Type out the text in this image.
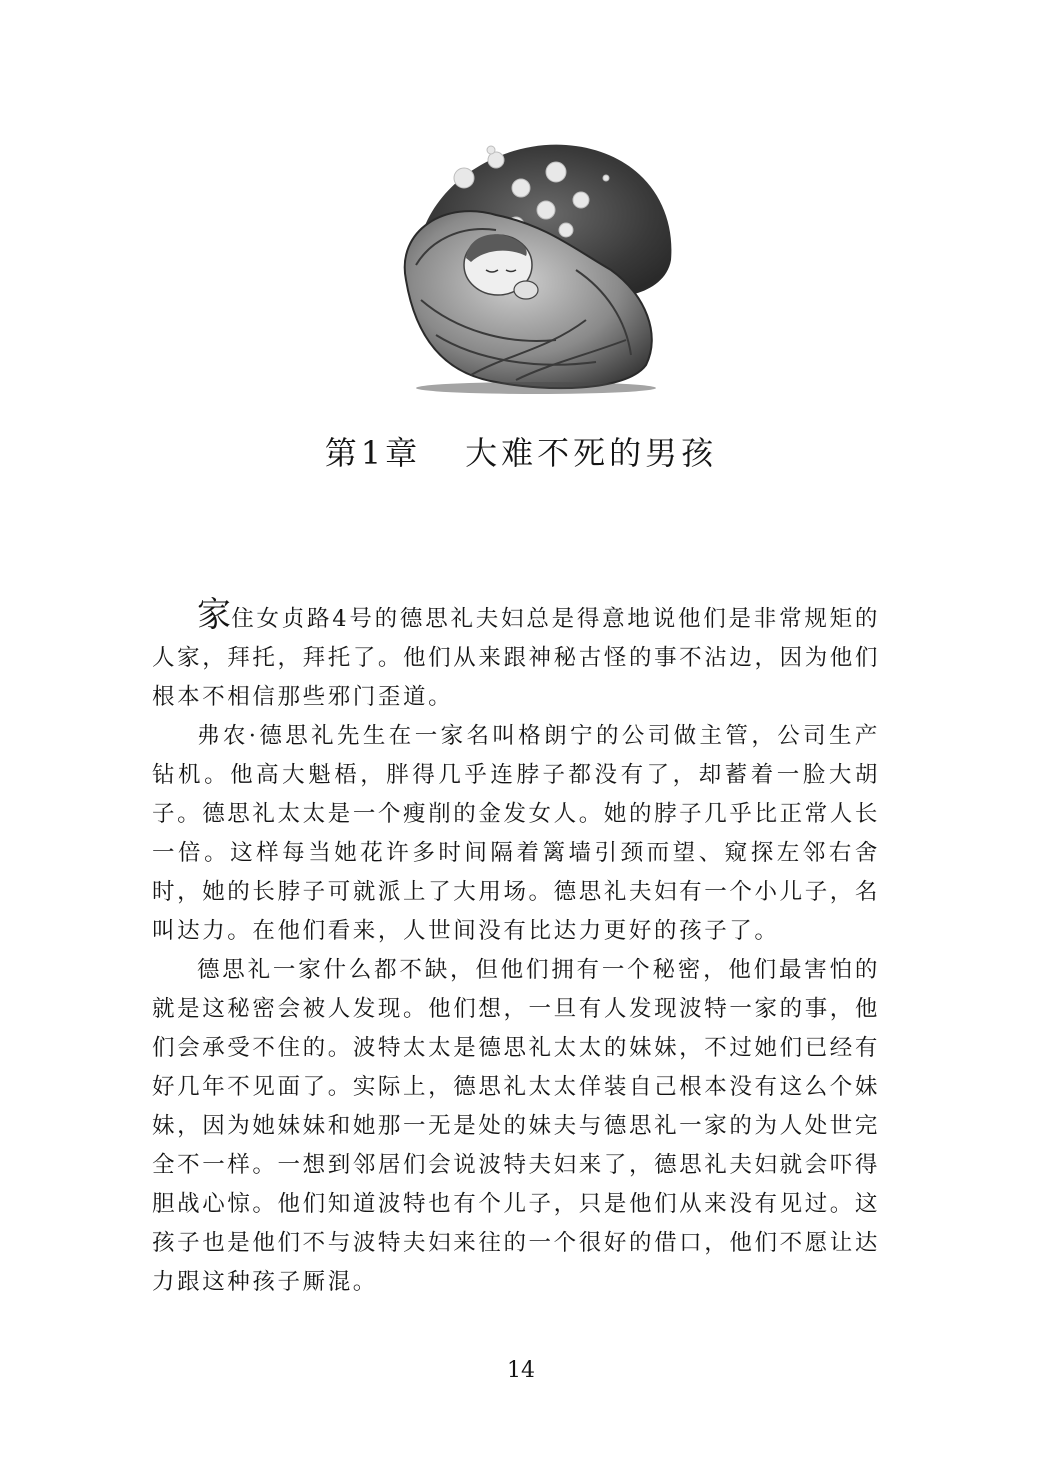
第1章 大难不死的男孩

家住女贞路4号的德思礼夫妇总是得意地说他们是非常规矩的人家，拜托，拜托了。他们从来跟神秘古怪的事不沾边，因为他们根本不相信那些邪门歪道。

弗农·德思礼先生在一家名叫格朗宁的公司做主管，公司生产钻机。他高大魁梧，胖得几乎连脖子都没有了，却蓄着一脸大胡子。德思礼太太是一个瘦削的金发女人。她的脖子几乎比正常人长一倍。这样每当她花许多时间隔着篱墙引颈而望、窥探左邻右舍时，她的长脖子可就派上了大用场。德思礼夫妇有一个小儿子，名叫达力。在他们看来，人世间没有比达力更好的孩子了。

德思礼一家什么都不缺，但他们拥有一个秘密，他们最害怕的就是这秘密会被人发现。他们想，一旦有人发现波特一家的事，他们会承受不住的。波特太太是德思礼太太的妹妹，不过她们已经有好几年不见面了。实际上，德思礼太太佯装自己根本没有这么个妹妹，因为她妹妹和她那一无是处的妹夫与德思礼一家的为人处世完全不一样。一想到邻居们会说波特夫妇来了，德思礼夫妇就会吓得胆战心惊。他们知道波特也有个儿子，只是他们从来没有见过。这孩子也是他们不与波特夫妇来往的一个很好的借口，他们不愿让达力跟这种孩子厮混。

14
